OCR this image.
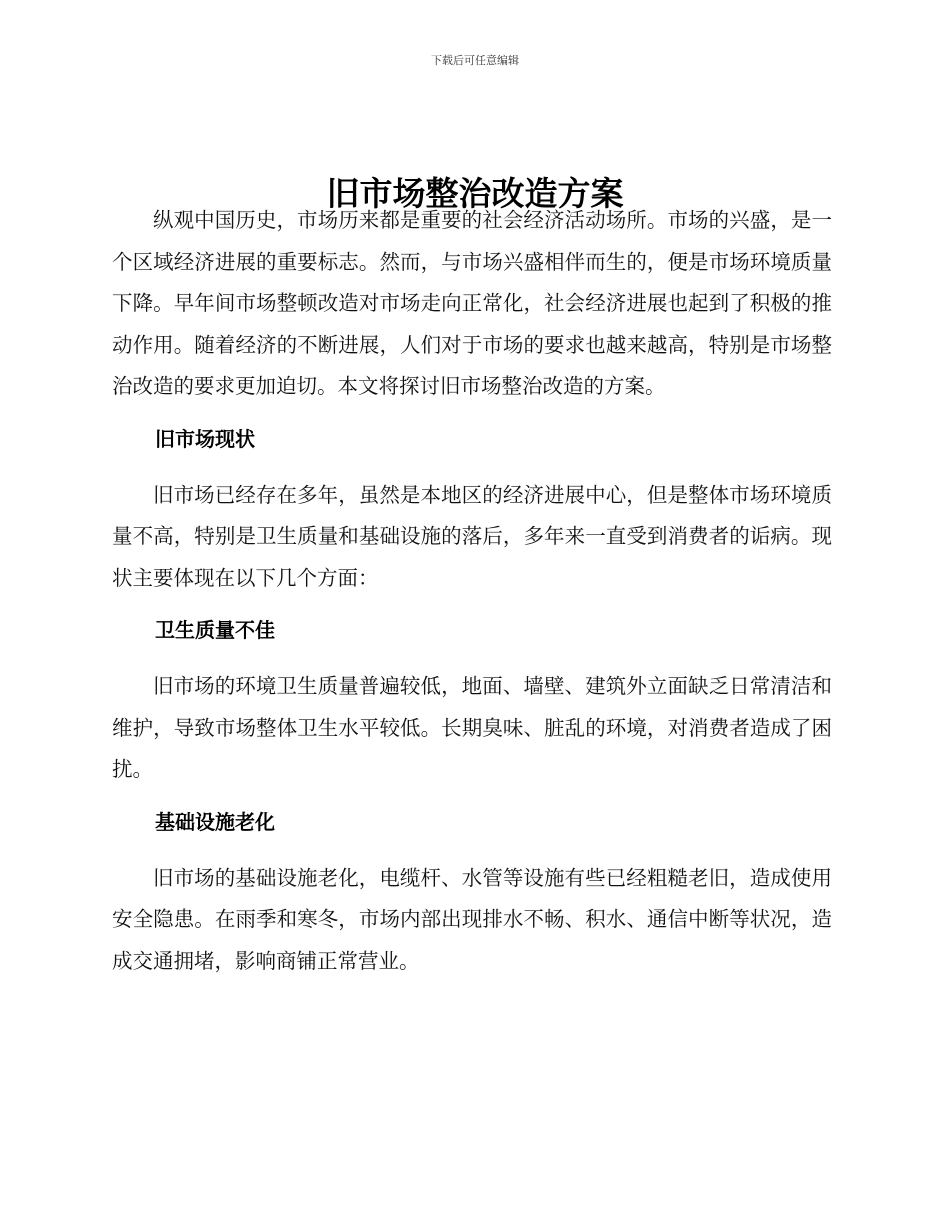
下载后可任意编辑
旧市场整治改造方案

纵观中国历史，市场历来都是重要的社会经济活动场所。市场的兴盛，是一个区域经济进展的重要标志。然而，与市场兴盛相伴而生的，便是市场环境质量下降。早年间市场整顿改造对市场走向正常化，社会经济进展也起到了积极的推动作用。随着经济的不断进展，人们对于市场的要求也越来越高，特别是市场整治改造的要求更加迫切。本文将探讨旧市场整治改造的方案。

旧市场现状

旧市场已经存在多年，虽然是本地区的经济进展中心，但是整体市场环境质量不高，特别是卫生质量和基础设施的落后，多年来一直受到消费者的诟病。现状主要体现在以下几个方面：

卫生质量不佳

旧市场的环境卫生质量普遍较低，地面、墙壁、建筑外立面缺乏日常清洁和维护，导致市场整体卫生水平较低。长期臭味、脏乱的环境，对消费者造成了困扰。

基础设施老化

旧市场的基础设施老化，电缆杆、水管等设施有些已经粗糙老旧，造成使用安全隐患。在雨季和寒冬，市场内部出现排水不畅、积水、通信中断等状况，造成交通拥堵，影响商铺正常营业。
